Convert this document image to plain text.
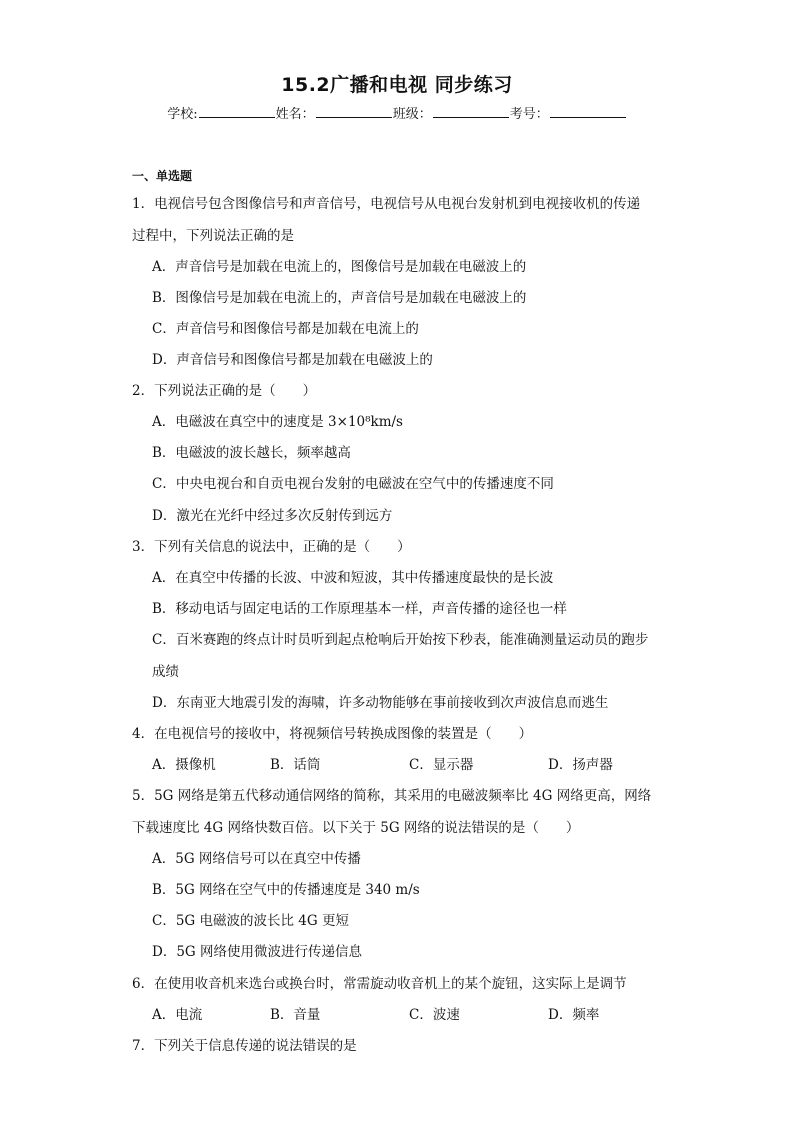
15.2广播和电视 同步练习
学校:	姓名：	班级：	考号：
一、单选题
1．电视信号包含图像信号和声音信号，电视信号从电视台发射机到电视接收机的传递
过程中，下列说法正确的是
A．声音信号是加载在电流上的，图像信号是加载在电磁波上的
B．图像信号是加载在电流上的，声音信号是加载在电磁波上的
C．声音信号和图像信号都是加载在电流上的
D．声音信号和图像信号都是加载在电磁波上的
2．下列说法正确的是（　　）
A．电磁波在真空中的速度是 3×10⁸km/s
B．电磁波的波长越长，频率越高
C．中央电视台和自贡电视台发射的电磁波在空气中的传播速度不同
D．激光在光纤中经过多次反射传到远方
3．下列有关信息的说法中，正确的是（　　）
A．在真空中传播的长波、中波和短波，其中传播速度最快的是长波
B．移动电话与固定电话的工作原理基本一样，声音传播的途径也一样
C．百米赛跑的终点计时员听到起点枪响后开始按下秒表，能准确测量运动员的跑步
成绩
D．东南亚大地震引发的海啸，许多动物能够在事前接收到次声波信息而逃生
4．在电视信号的接收中，将视频信号转换成图像的装置是（　　）
A．摄像机	B．话筒	C．显示器	D．扬声器
5．5G 网络是第五代移动通信网络的简称，其采用的电磁波频率比 4G 网络更高，网络
下载速度比 4G 网络快数百倍。以下关于 5G 网络的说法错误的是（　　）
A．5G 网络信号可以在真空中传播
B．5G 网络在空气中的传播速度是 340 m/s
C．5G 电磁波的波长比 4G 更短
D．5G 网络使用微波进行传递信息
6．在使用收音机来选台或换台时，常需旋动收音机上的某个旋钮，这实际上是调节
A．电流	B．音量	C．波速	D．频率
7．下列关于信息传递的说法错误的是
